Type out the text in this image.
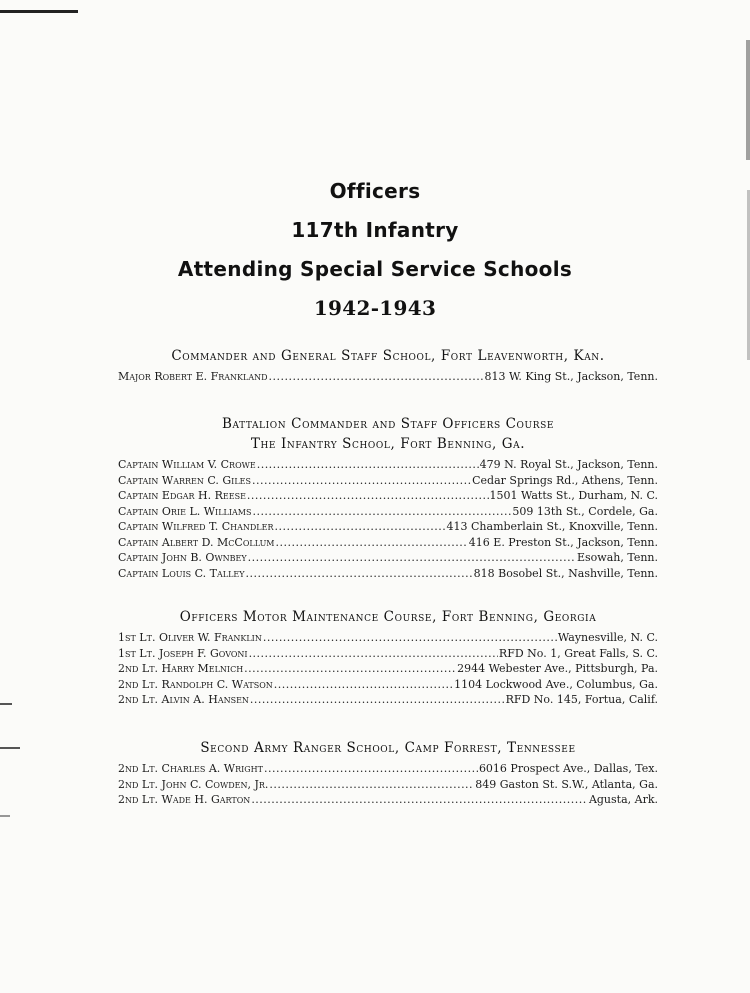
Officers
117th Infantry
Attending Special Service Schools
1942-1943
Commander and General Staff School, Fort Leavenworth, Kan.
Major Robert E. Frankland . . .	813 W. King St., Jackson, Tenn.
Battalion Commander and Staff Officers Course
The Infantry School, Fort Benning, Ga.
Captain William V. Crowe . . .	479 N. Royal St., Jackson, Tenn.
Captain Warren C. Giles . . .	Cedar Springs Rd., Athens, Tenn.
Captain Edgar H. Reese . . .	1501 Watts St., Durham, N. C.
Captain Orie L. Williams . . .	509 13th St., Cordele, Ga.
Captain Wilfred T. Chandler . . .	413 Chamberlain St., Knoxville, Tenn.
Captain Albert D. McCollum . . .	416 E. Preston St., Jackson, Tenn.
Captain John B. Ownbey . . .	Esowah, Tenn.
Captain Louis C. Talley . . .	818 Bosobel St., Nashville, Tenn.
Officers Motor Maintenance Course, Fort Benning, Georgia
1st Lt. Oliver W. Franklin . . .	Waynesville, N. C.
1st Lt. Joseph F. Govoni . . .	RFD No. 1, Great Falls, S. C.
2nd Lt. Harry Melnich . . .	2944 Webester Ave., Pittsburgh, Pa.
2nd Lt. Randolph C. Watson . . .	1104 Lockwood Ave., Columbus, Ga.
2nd Lt. Alvin A. Hansen . . .	RFD No. 145, Fortua, Calif.
Second Army Ranger School, Camp Forrest, Tennessee
2nd Lt. Charles A. Wright . . .	6016 Prospect Ave., Dallas, Tex.
2nd Lt. John C. Cowden, Jr. . . .	849 Gaston St. S.W., Atlanta, Ga.
2nd Lt. Wade H. Garton . . .	Agusta, Ark.
